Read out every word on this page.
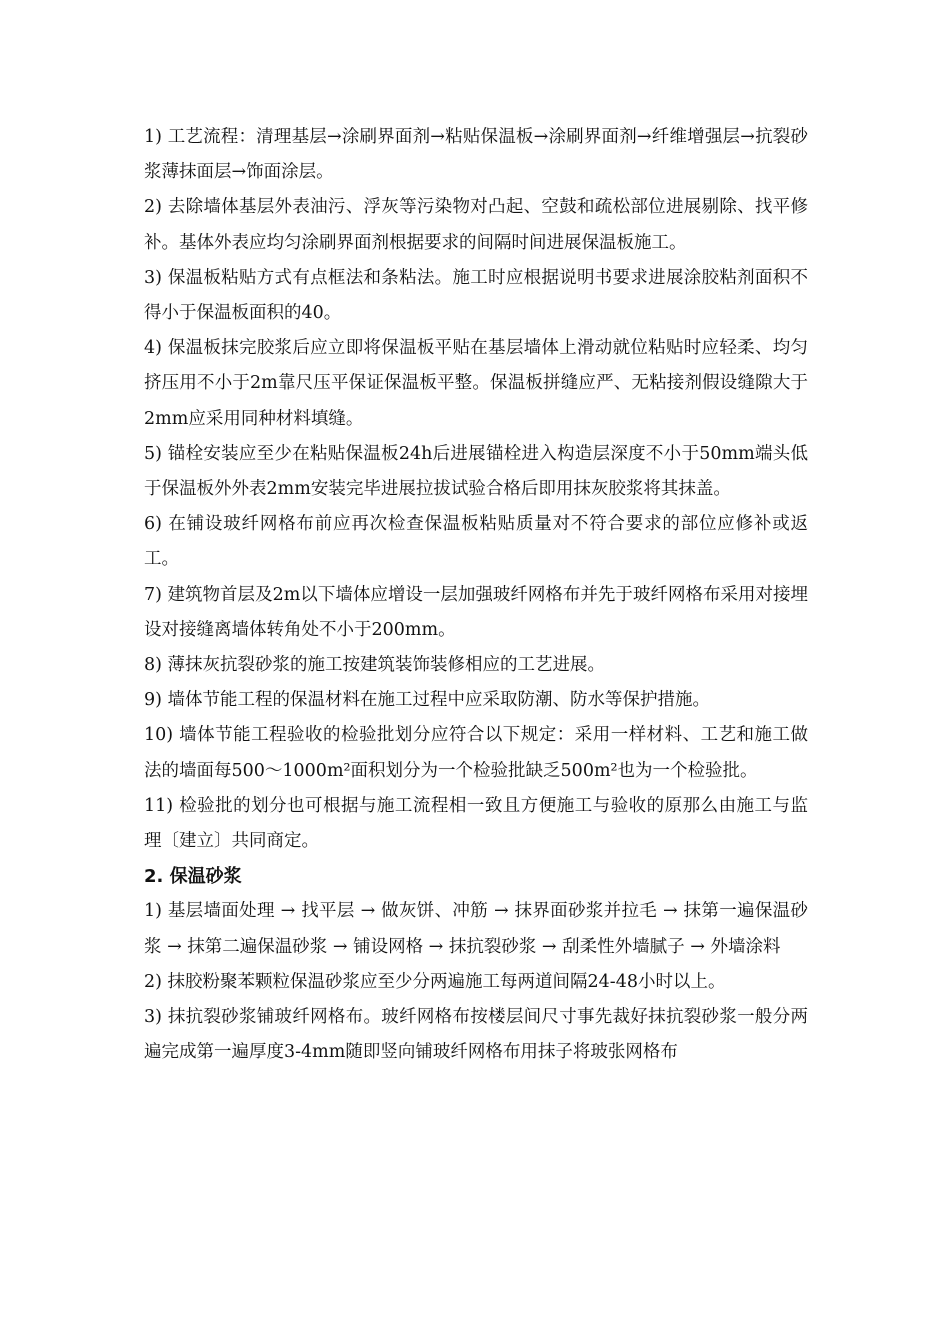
1) 工艺流程：清理基层→涂刷界面剂→粘贴保温板→涂刷界面剂→纤维增强层→抗裂砂浆薄抹面层→饰面涂层。

2) 去除墙体基层外表油污、浮灰等污染物对凸起、空鼓和疏松部位进展剔除、找平修补。基体外表应均匀涂刷界面剂根据要求的间隔时间进展保温板施工。

3) 保温板粘贴方式有点框法和条粘法。施工时应根据说明书要求进展涂胶粘剂面积不得小于保温板面积的40。

4) 保温板抹完胶浆后应立即将保温板平贴在基层墙体上滑动就位粘贴时应轻柔、均匀挤压用不小于2m靠尺压平保证保温板平整。保温板拼缝应严、无粘接剂假设缝隙大于2mm应采用同种材料填缝。

5) 锚栓安装应至少在粘贴保温板24h后进展锚栓进入构造层深度不小于50mm端头低于保温板外外表2mm安装完毕进展拉拔试验合格后即用抹灰胶浆将其抹盖。

6) 在铺设玻纤网格布前应再次检查保温板粘贴质量对不符合要求的部位应修补或返工。

7) 建筑物首层及2m以下墙体应增设一层加强玻纤网格布并先于玻纤网格布采用对接埋设对接缝离墙体转角处不小于200mm。

8) 薄抹灰抗裂砂浆的施工按建筑装饰装修相应的工艺进展。

9) 墙体节能工程的保温材料在施工过程中应采取防潮、防水等保护措施。

10) 墙体节能工程验收的检验批划分应符合以下规定：采用一样材料、工艺和施工做法的墙面每500～1000m²面积划分为一个检验批缺乏500m²也为一个检验批。

11) 检验批的划分也可根据与施工流程相一致且方便施工与验收的原那么由施工与监理〔建立〕共同商定。

2. 保温砂浆

1) 基层墙面处理 → 找平层 → 做灰饼、冲筋 → 抹界面砂浆并拉毛 → 抹第一遍保温砂浆 → 抹第二遍保温砂浆 → 铺设网格 → 抹抗裂砂浆 → 刮柔性外墙腻子 → 外墙涂料

2) 抹胶粉聚苯颗粒保温砂浆应至少分两遍施工每两道间隔24-48小时以上。

3) 抹抗裂砂浆铺玻纤网格布。玻纤网格布按楼层间尺寸事先裁好抹抗裂砂浆一般分两遍完成第一遍厚度3-4mm随即竖向铺玻纤网格布用抹子将玻张网格布
